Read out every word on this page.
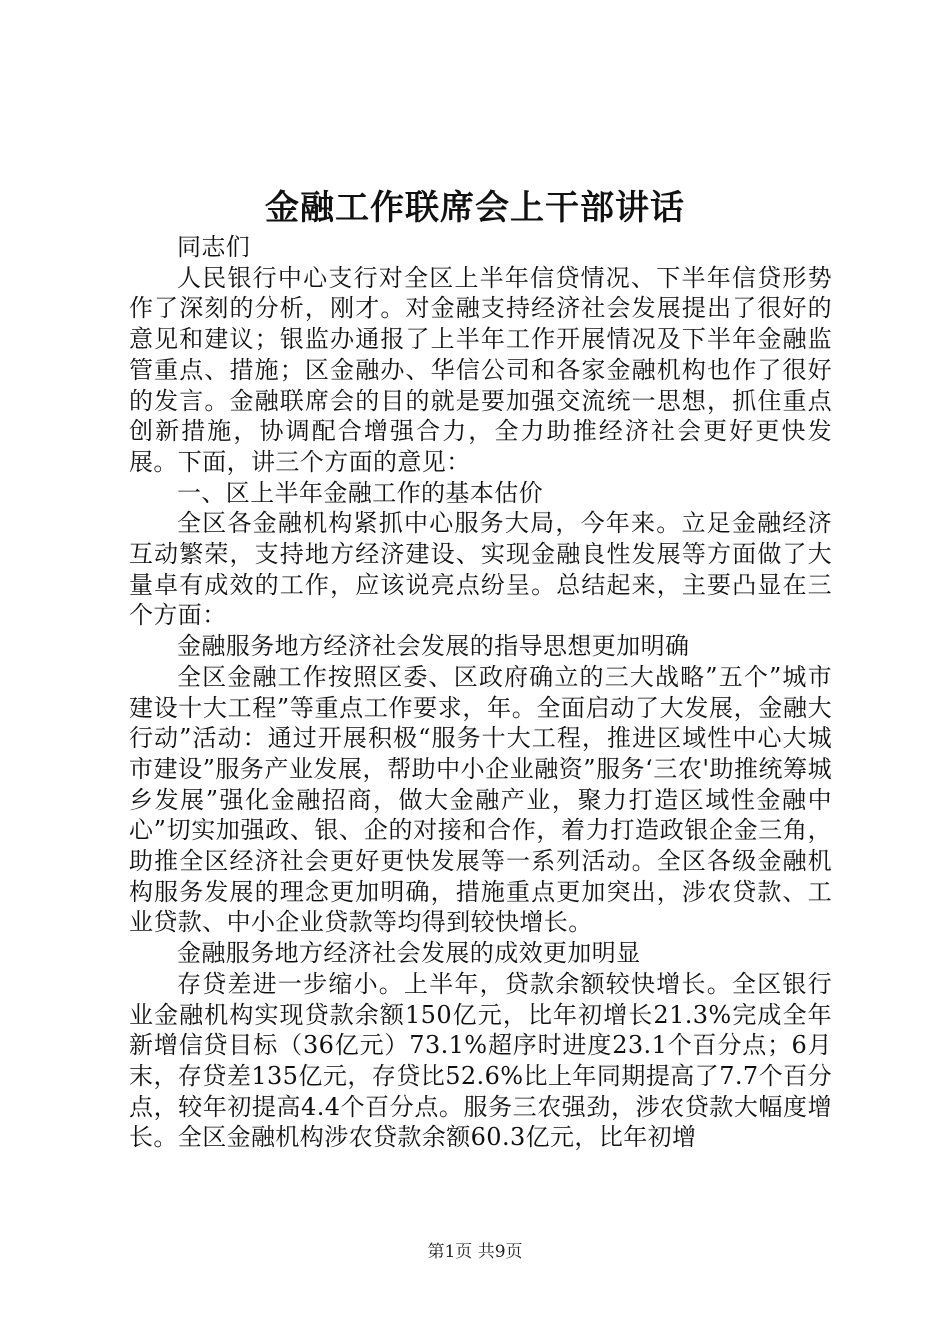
金融工作联席会上干部讲话

同志们

人民银行中心支行对全区上半年信贷情况、下半年信贷形势作了深刻的分析，刚才。对金融支持经济社会发展提出了很好的意见和建议；银监办通报了上半年工作开展情况及下半年金融监管重点、措施；区金融办、华信公司和各家金融机构也作了很好的发言。金融联席会的目的就是要加强交流统一思想，抓住重点创新措施，协调配合增强合力，全力助推经济社会更好更快发展。下面，讲三个方面的意见：

一、区上半年金融工作的基本估价

全区各金融机构紧抓中心服务大局，今年来。立足金融经济互动繁荣，支持地方经济建设、实现金融良性发展等方面做了大量卓有成效的工作，应该说亮点纷呈。总结起来，主要凸显在三个方面：

金融服务地方经济社会发展的指导思想更加明确

全区金融工作按照区委、区政府确立的三大战略”五个”城市建设十大工程”等重点工作要求，年。全面启动了大发展，金融大行动”活动：通过开展积极“服务十大工程，推进区域性中心大城市建设”服务产业发展，帮助中小企业融资”服务‘三农'助推统筹城乡发展”强化金融招商，做大金融产业，聚力打造区域性金融中心”切实加强政、银、企的对接和合作，着力打造政银企金三角，助推全区经济社会更好更快发展等一系列活动。全区各级金融机构服务发展的理念更加明确，措施重点更加突出，涉农贷款、工业贷款、中小企业贷款等均得到较快增长。

金融服务地方经济社会发展的成效更加明显

存贷差进一步缩小。上半年，贷款余额较快增长。全区银行业金融机构实现贷款余额150亿元，比年初增长21.3%完成全年新增信贷目标（36亿元）73.1%超序时进度23.1个百分点；6月末，存贷差135亿元，存贷比52.6%比上年同期提高了7.7个百分点，较年初提高4.4个百分点。服务三农强劲，涉农贷款大幅度增长。全区金融机构涉农贷款余额60.3亿元，比年初增

第1页 共9页
